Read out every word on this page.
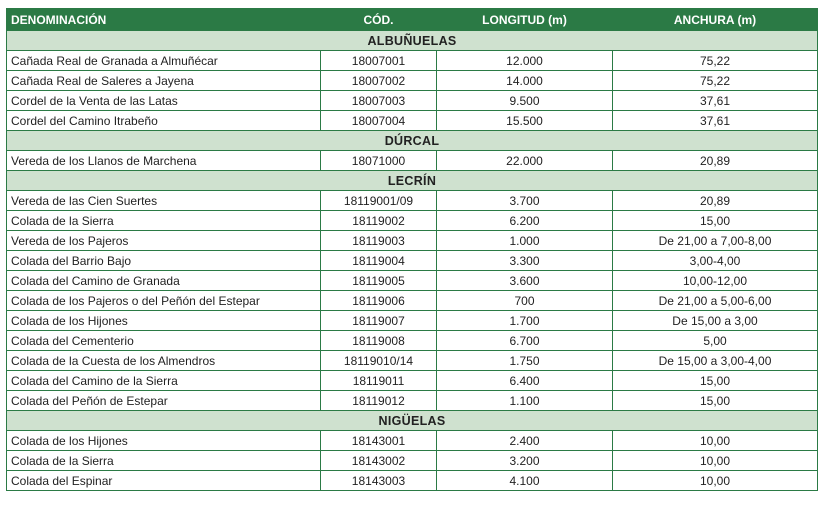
DENOMINACIÓN	CÓD.	LONGITUD (m)	ANCHURA (m)
ALBUÑUELAS			
Cañada Real de Granada a Almuñécar	18007001	12.000	75,22
Cañada Real de Saleres a Jayena	18007002	14.000	75,22
Cordel de la Venta de las Latas	18007003	9.500	37,61
Cordel del Camino Itrabeño	18007004	15.500	37,61
DÚRCAL			
Vereda de los Llanos de Marchena	18071000	22.000	20,89
LECRÍN			
Vereda de las Cien Suertes	18119001/09	3.700	20,89
Colada de la Sierra	18119002	6.200	15,00
Vereda de los Pajeros	18119003	1.000	De 21,00 a 7,00-8,00
Colada del Barrio Bajo	18119004	3.300	3,00-4,00
Colada del Camino de Granada	18119005	3.600	10,00-12,00
Colada de los Pajeros o del Peñón del Estepar	18119006	700	De 21,00 a 5,00-6,00
Colada de los Hijones	18119007	1.700	De 15,00 a 3,00
Colada del Cementerio	18119008	6.700	5,00
Colada de la Cuesta de los Almendros	18119010/14	1.750	De 15,00 a 3,00-4,00
Colada del Camino de la Sierra	18119011	6.400	15,00
Colada del Peñón de Estepar	18119012	1.100	15,00
NIGÜELAS			
Colada de los Hijones	18143001	2.400	10,00
Colada de la Sierra	18143002	3.200	10,00
Colada del Espinar	18143003	4.100	10,00
